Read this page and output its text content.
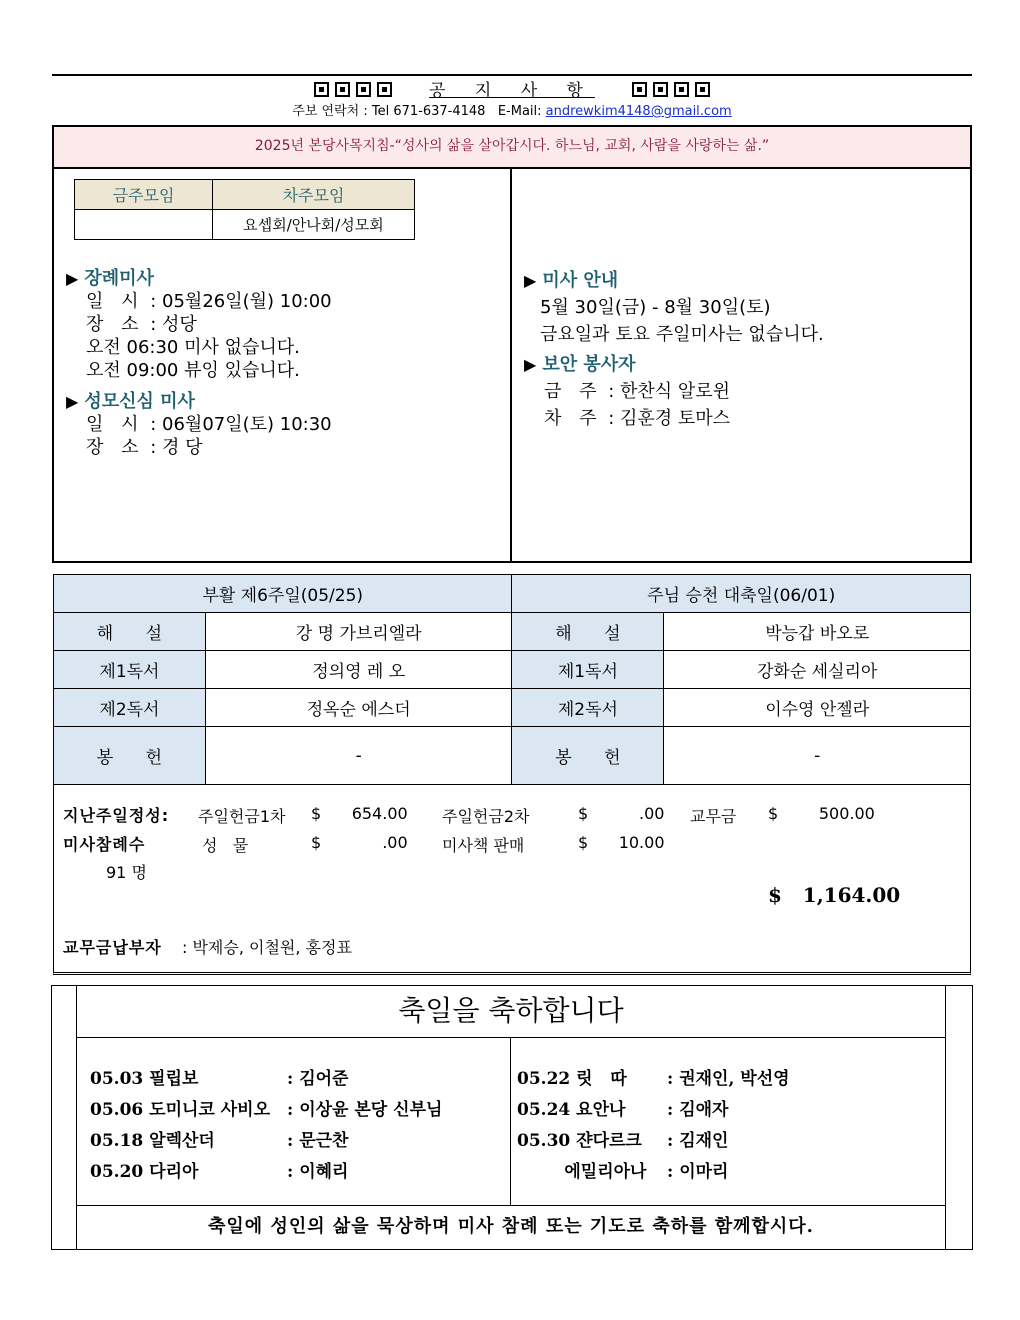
공 지 사 항
주보 연락처 : Tel 671-637-4148   E-Mail: andrewkim4148@gmail.com
2025년 본당사목지침-“성사의 삶을 살아갑시다. 하느님, 교회, 사람을 사랑하는 삶.”
금주모임	차주모임
	요셉회/안나회/성모회
▶ 장례미사
일 시 : 05월26일(월) 10:00
장 소 : 성당
오전 06:30 미사 없습니다.
오전 09:00 뷰잉 있습니다.
▶ 성모신심 미사
일 시 : 06월07일(토) 10:30
장 소 : 경 당
▶ 미사 안내
5월 30일(금) - 8월 30일(토)
금요일과 토요 주일미사는 없습니다.
▶ 보안 봉사자
금 주 : 한찬식 알로윈
차 주 : 김훈경 토마스
부활 제6주일(05/25)		주님 승천 대축일(06/01)	
해      설	강 명 가브리엘라	해      설	박능갑 바오로
제1독서	정의영 레 오	제1독서	강화순 세실리아
제2독서	정옥순 에스더	제2독서	이수영 안젤라
봉      헌	-	봉      헌	-
지난주일정성: 주일헌금1차 $      654.00 주일헌금2차	$          .00 교무금 $        500.00
미사참례수	성   물	$            .00 미사책 판매	$      10.00
91 명
$   1,164.00
교무금납부자 : 박제승, 이철원, 홍정표
축일을 축하합니다
05.03 필립보	: 김어준
05.06 도미니코 사비오 : 이상윤 본당 신부님
05.18 알렉산더	: 문근찬
05.20 다리아	: 이혜리
05.22 릿   따 : 권재인, 박선영
05.24 요안나 : 김애자
05.30 쟌다르크 : 김재인
에밀리아나 : 이마리
축일에 성인의 삶을 묵상하며 미사 참례 또는 기도로 축하를 함께합시다.
